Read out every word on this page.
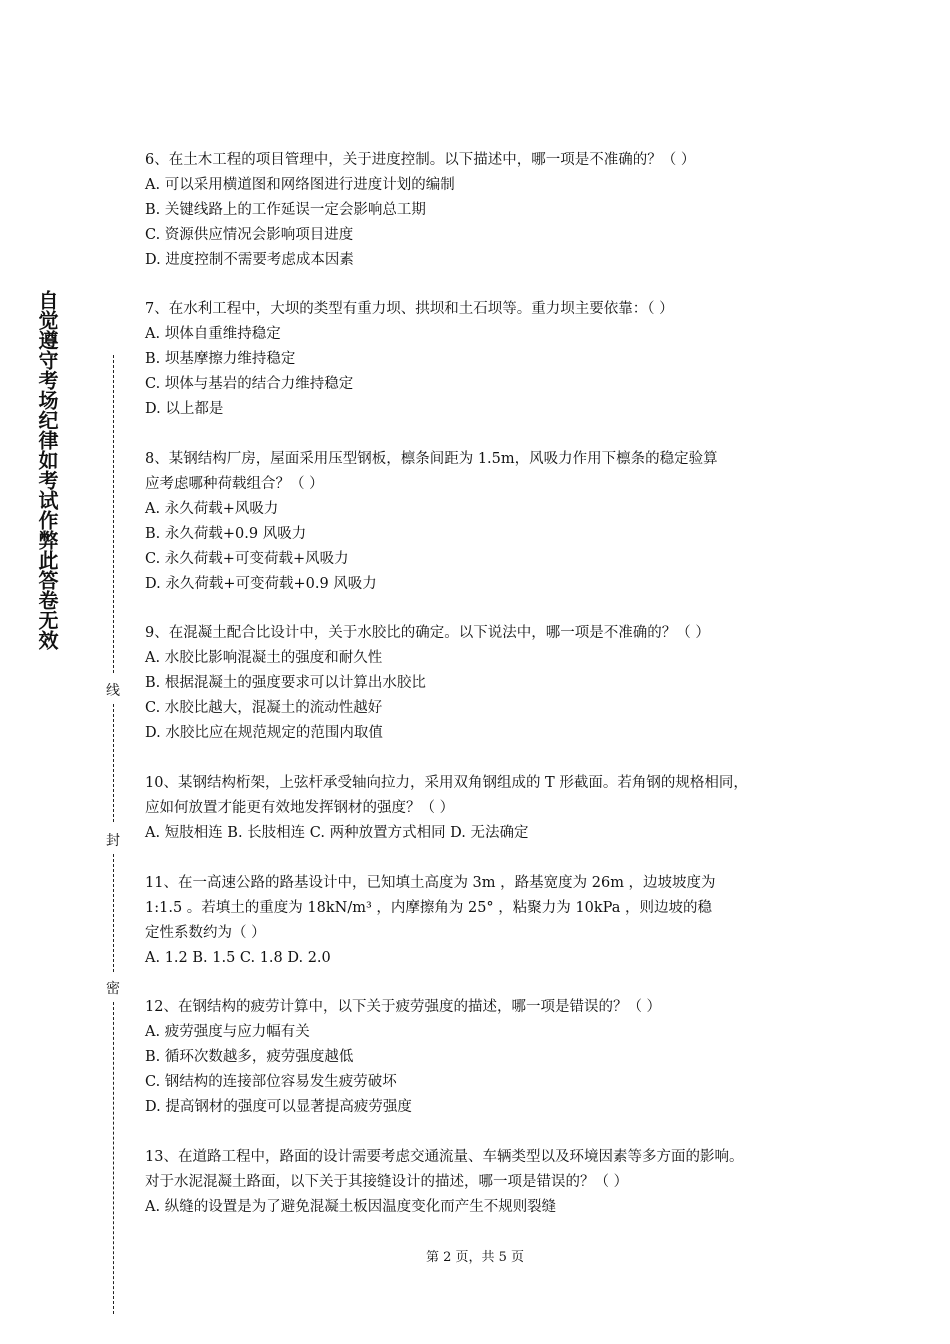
自觉遵守考场纪律如考试作弊此答卷无效
线
封
密
6、在土木工程的项目管理中，关于进度控制。以下描述中，哪一项是不准确的？（ ）
A. 可以采用横道图和网络图进行进度计划的编制
B. 关键线路上的工作延误一定会影响总工期
C. 资源供应情况会影响项目进度
D. 进度控制不需要考虑成本因素
7、在水利工程中，大坝的类型有重力坝、拱坝和土石坝等。重力坝主要依靠：（ ）
A. 坝体自重维持稳定
B. 坝基摩擦力维持稳定
C. 坝体与基岩的结合力维持稳定
D. 以上都是
8、某钢结构厂房，屋面采用压型钢板，檩条间距为 1.5m，风吸力作用下檩条的稳定验算
应考虑哪种荷载组合？（ ）
A. 永久荷载+风吸力
B. 永久荷载+0.9 风吸力
C. 永久荷载+可变荷载+风吸力
D. 永久荷载+可变荷载+0.9 风吸力
9、在混凝土配合比设计中，关于水胶比的确定。以下说法中，哪一项是不准确的？（ ）
A. 水胶比影响混凝土的强度和耐久性
B. 根据混凝土的强度要求可以计算出水胶比
C. 水胶比越大，混凝土的流动性越好
D. 水胶比应在规范规定的范围内取值
10、某钢结构桁架，上弦杆承受轴向拉力，采用双角钢组成的 T 形截面。若角钢的规格相同，
应如何放置才能更有效地发挥钢材的强度？（ ）
A. 短肢相连 B. 长肢相连 C. 两种放置方式相同 D. 无法确定
11、在一高速公路的路基设计中，已知填土高度为 3m ，路基宽度为 26m ，边坡坡度为
1:1.5 。若填土的重度为 18kN/m³ ，内摩擦角为 25° ，粘聚力为 10kPa ，则边坡的稳
定性系数约为（ ）
A. 1.2 B. 1.5 C. 1.8 D. 2.0
12、在钢结构的疲劳计算中，以下关于疲劳强度的描述，哪一项是错误的？（ ）
A. 疲劳强度与应力幅有关
B. 循环次数越多，疲劳强度越低
C. 钢结构的连接部位容易发生疲劳破坏
D. 提高钢材的强度可以显著提高疲劳强度
13、在道路工程中，路面的设计需要考虑交通流量、车辆类型以及环境因素等多方面的影响。
对于水泥混凝土路面，以下关于其接缝设计的描述，哪一项是错误的？（ ）
A. 纵缝的设置是为了避免混凝土板因温度变化而产生不规则裂缝
第 2 页，共 5 页
